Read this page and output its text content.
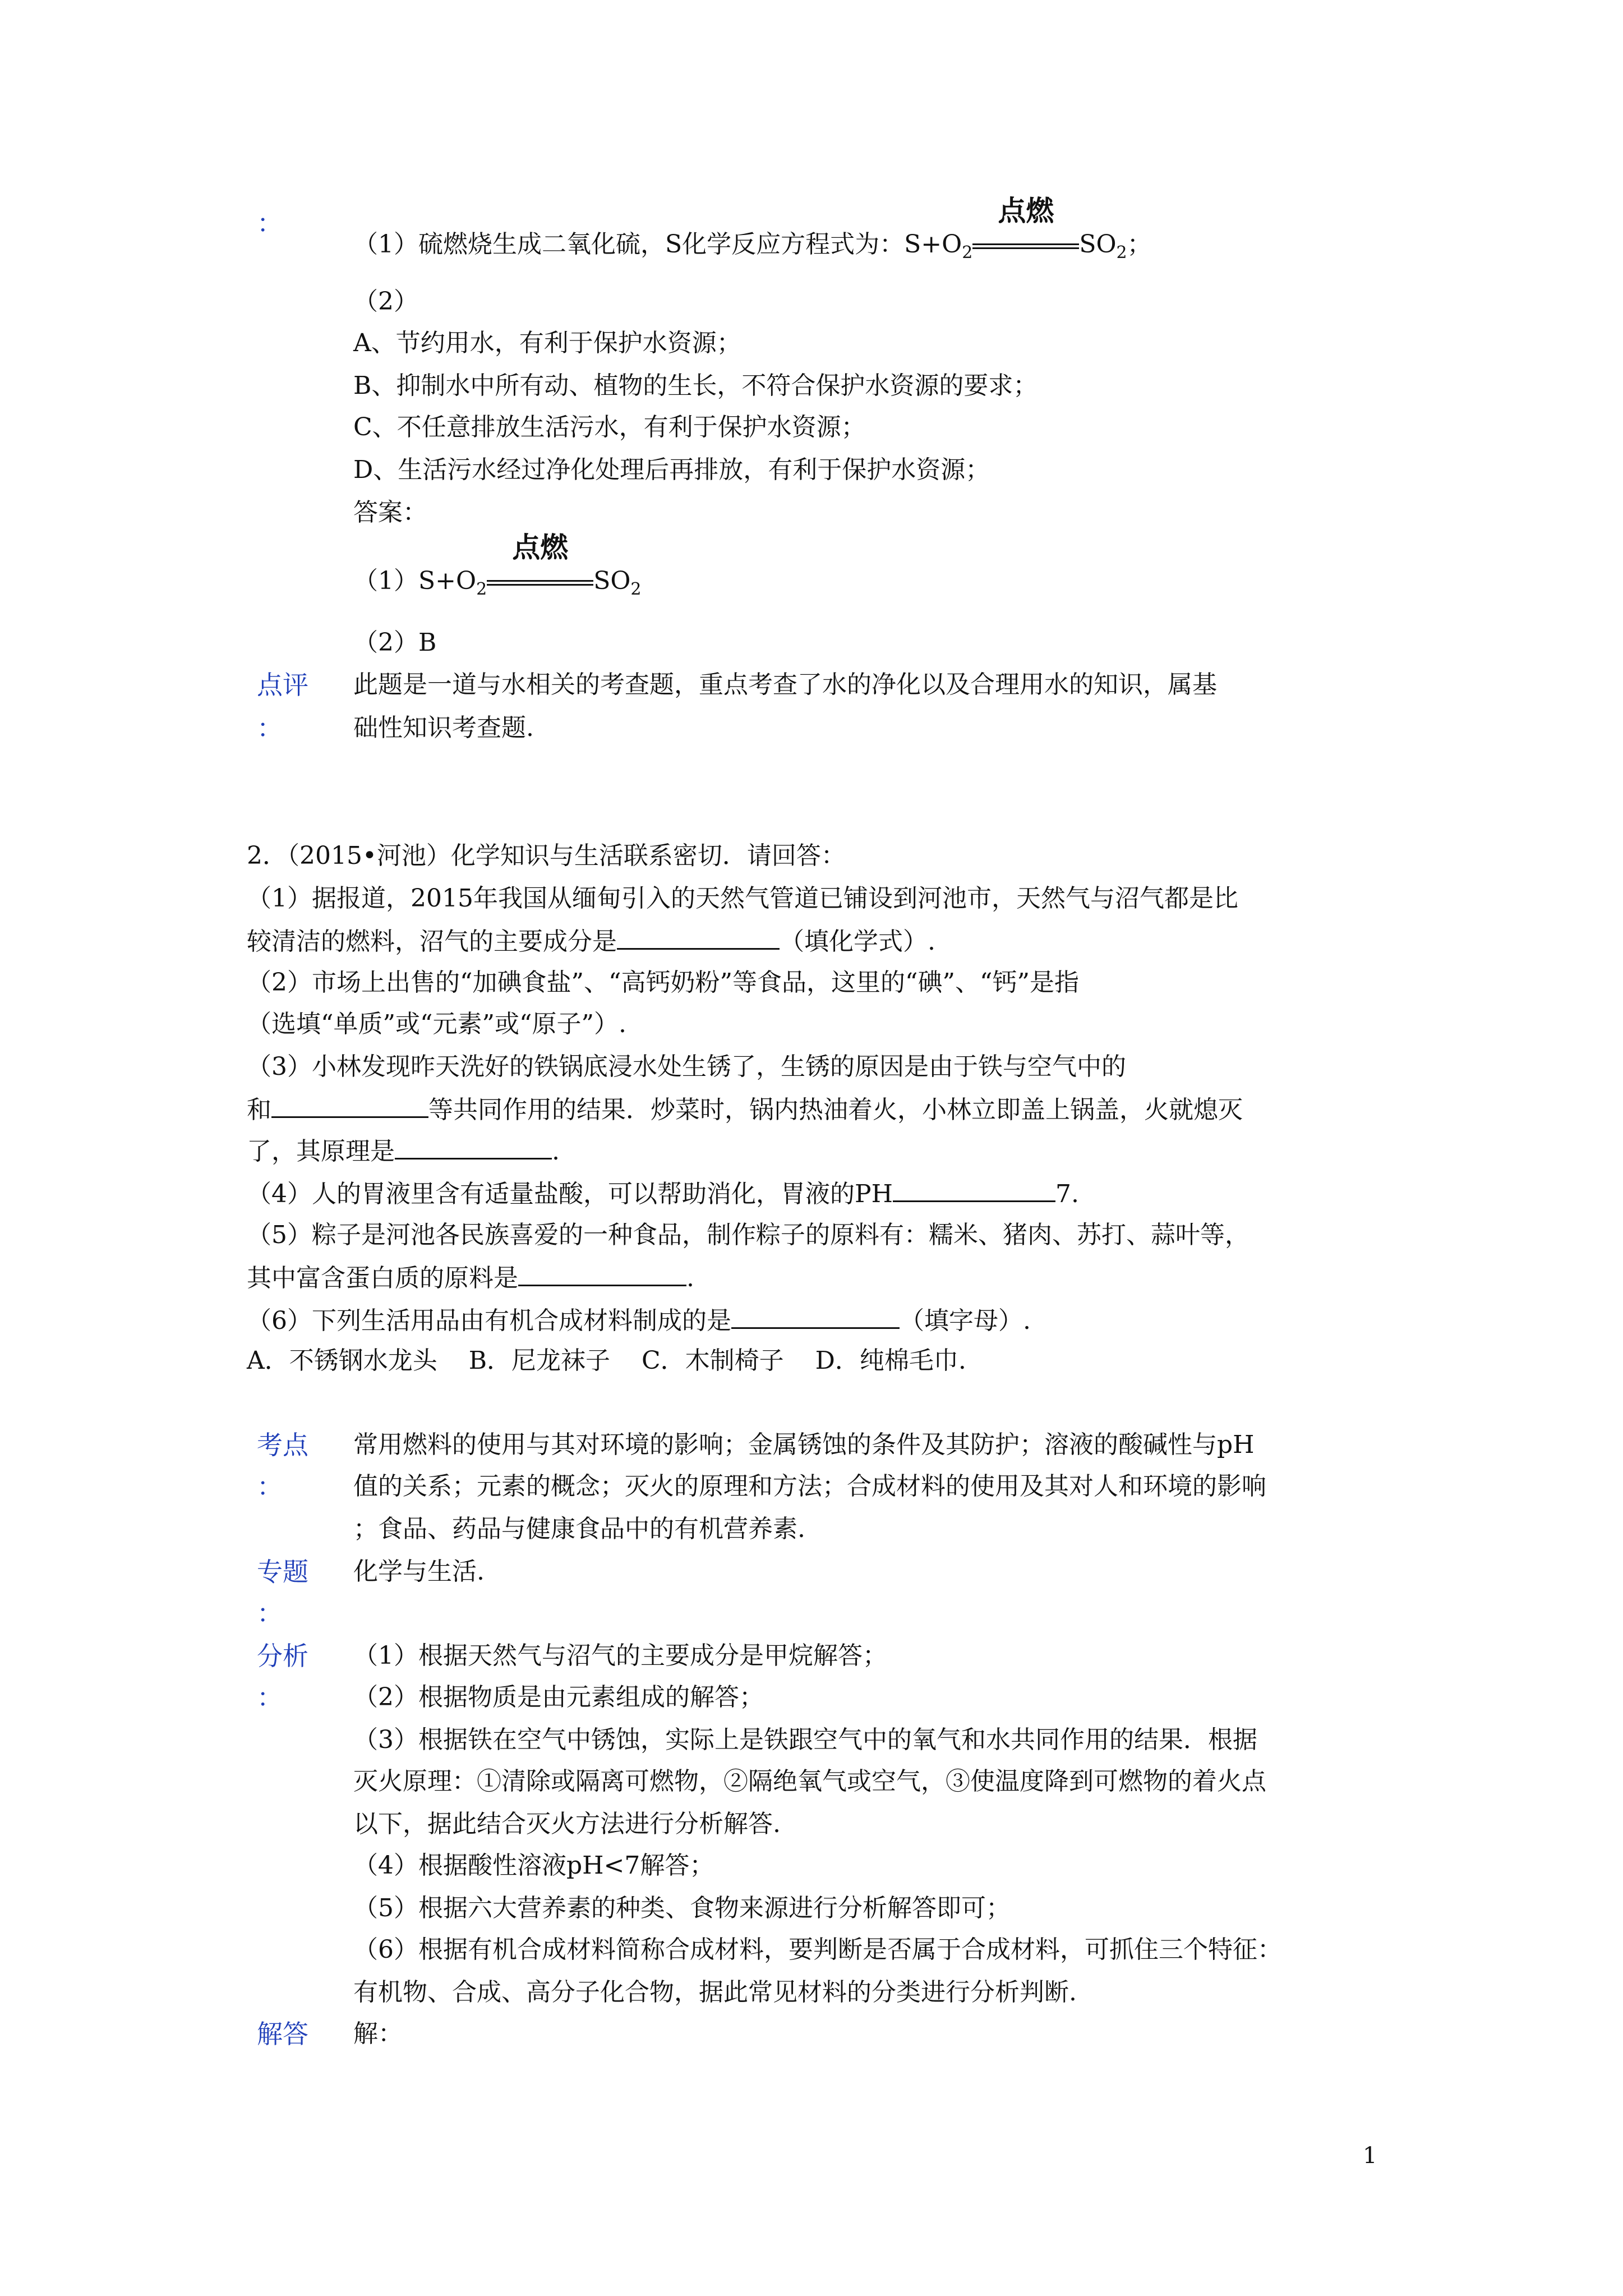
：
（1）硫燃烧生成二氧化硫，S化学反应方程式为：$S+O_2$
点燃
$SO_2$；
（2）
A、节约用水，有利于保护水资源；
B、抑制水中所有动、植物的生长，不符合保护水资源的要求；
C、不任意排放生活污水，有利于保护水资源；
D、生活污水经过净化处理后再排放，有利于保护水资源；
答案：
$(1)S+O_2$
点燃
$SO_2$
（2）B
点评
：
此题是一道与水相关的考查题，重点考查了水的净化以及合理用水的知识，属基
础性知识考查题.
2．（2015•河池）化学知识与生活联系密切．请回答：
（1）据报道，2015年我国从缅甸引入的天然气管道已铺设到河池市，天然气与沼气都是比
较清洁的燃料，沼气的主要成分是	（填化学式）.
（2）市场上出售的“加碘食盐”、“高钙奶粉”等食品，这里的“碘”、“钙”是指
（选填“单质”或“元素”或“原子”）.
（3）小林发现昨天洗好的铁锅底浸水处生锈了，生锈的原因是由于铁与空气中的
和	等共同作用的结果．炒菜时，锅内热油着火，小林立即盖上锅盖，火就熄灭
了，其原理是	.
（4）人的胃液里含有适量盐酸，可以帮助消化，胃液的PH	7.
（5）粽子是河池各民族喜爱的一种食品，制作粽子的原料有：糯米、猪肉、苏打、蒜叶等，
其中富含蛋白质的原料是	.
（6）下列生活用品由有机合成材料制成的是	（填字母）.
A．不锈钢水龙头    B．尼龙袜子    C．木制椅子    D．纯棉毛巾.
考点
：
常用燃料的使用与其对环境的影响；金属锈蚀的条件及其防护；溶液的酸碱性与pH
值的关系；元素的概念；灭火的原理和方法；合成材料的使用及其对人和环境的影响
；食品、药品与健康食品中的有机营养素.
专题
：
化学与生活.
分析
：
（1）根据天然气与沼气的主要成分是甲烷解答；
（2）根据物质是由元素组成的解答；
（3）根据铁在空气中锈蚀，实际上是铁跟空气中的氧气和水共同作用的结果．根据
灭火原理：①清除或隔离可燃物，②隔绝氧气或空气，③使温度降到可燃物的着火点
以下，据此结合灭火方法进行分析解答.
（4）根据酸性溶液pH<7解答；
（5）根据六大营养素的种类、食物来源进行分析解答即可；
（6）根据有机合成材料简称合成材料，要判断是否属于合成材料，可抓住三个特征：
有机物、合成、高分子化合物，据此常见材料的分类进行分析判断.
解答 解：
1
